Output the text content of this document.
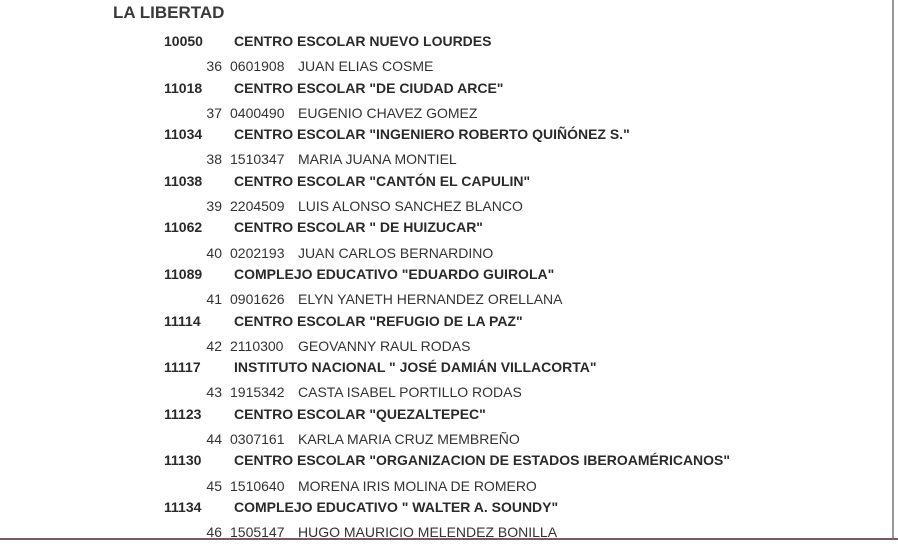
LA LIBERTAD
10050 CENTRO ESCOLAR NUEVO LOURDES
36 0601908 JUAN ELIAS COSME
11018 CENTRO ESCOLAR "DE CIUDAD ARCE"
37 0400490 EUGENIO CHAVEZ GOMEZ
11034 CENTRO ESCOLAR "INGENIERO ROBERTO QUIÑÓNEZ S."
38 1510347 MARIA JUANA MONTIEL
11038 CENTRO ESCOLAR "CANTÓN EL CAPULIN"
39 2204509 LUIS ALONSO SANCHEZ BLANCO
11062 CENTRO ESCOLAR " DE HUIZUCAR"
40 0202193 JUAN CARLOS BERNARDINO
11089 COMPLEJO EDUCATIVO "EDUARDO GUIROLA"
41 0901626 ELYN YANETH HERNANDEZ ORELLANA
11114 CENTRO ESCOLAR "REFUGIO DE LA PAZ"
42 2110300 GEOVANNY RAUL RODAS
11117 INSTITUTO NACIONAL " JOSÉ DAMIÁN VILLACORTA"
43 1915342 CASTA ISABEL PORTILLO RODAS
11123 CENTRO ESCOLAR "QUEZALTEPEC"
44 0307161 KARLA MARIA CRUZ MEMBREÑO
11130 CENTRO ESCOLAR "ORGANIZACION DE ESTADOS IBEROAMÉRICANOS"
45 1510640 MORENA IRIS MOLINA DE ROMERO
11134 COMPLEJO EDUCATIVO " WALTER A. SOUNDY"
46 1505147 HUGO MAURICIO MELENDEZ BONILLA
